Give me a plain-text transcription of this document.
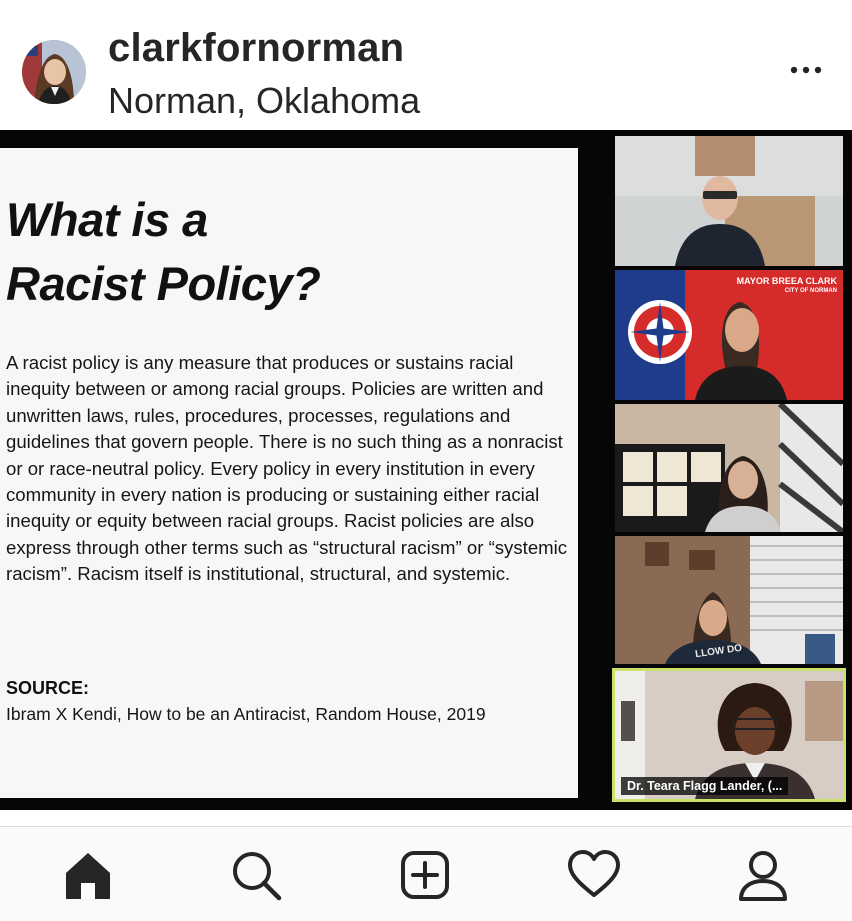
clarkfornorman
Norman, Oklahoma
What is a
Racist Policy?
A racist policy is any measure that produces or sustains racial inequity between or among racial groups. Policies are written and unwritten laws, rules, procedures, processes, regulations and guidelines that govern people. There is no such thing as a nonracist or or race-neutral policy. Every policy in every institution in every community in every nation is producing or sustaining either racial inequity or equity between racial groups. Racist policies are also express through other terms such as “structural racism” or “systemic racism”. Racism itself is institutional, structural, and systemic.
SOURCE:
Ibram X Kendi, How to be an Antiracist, Random House, 2019
MAYOR BREEA CLARK
CITY OF NORMAN
LLOW DO
Dr. Teara Flagg Lander, (...
